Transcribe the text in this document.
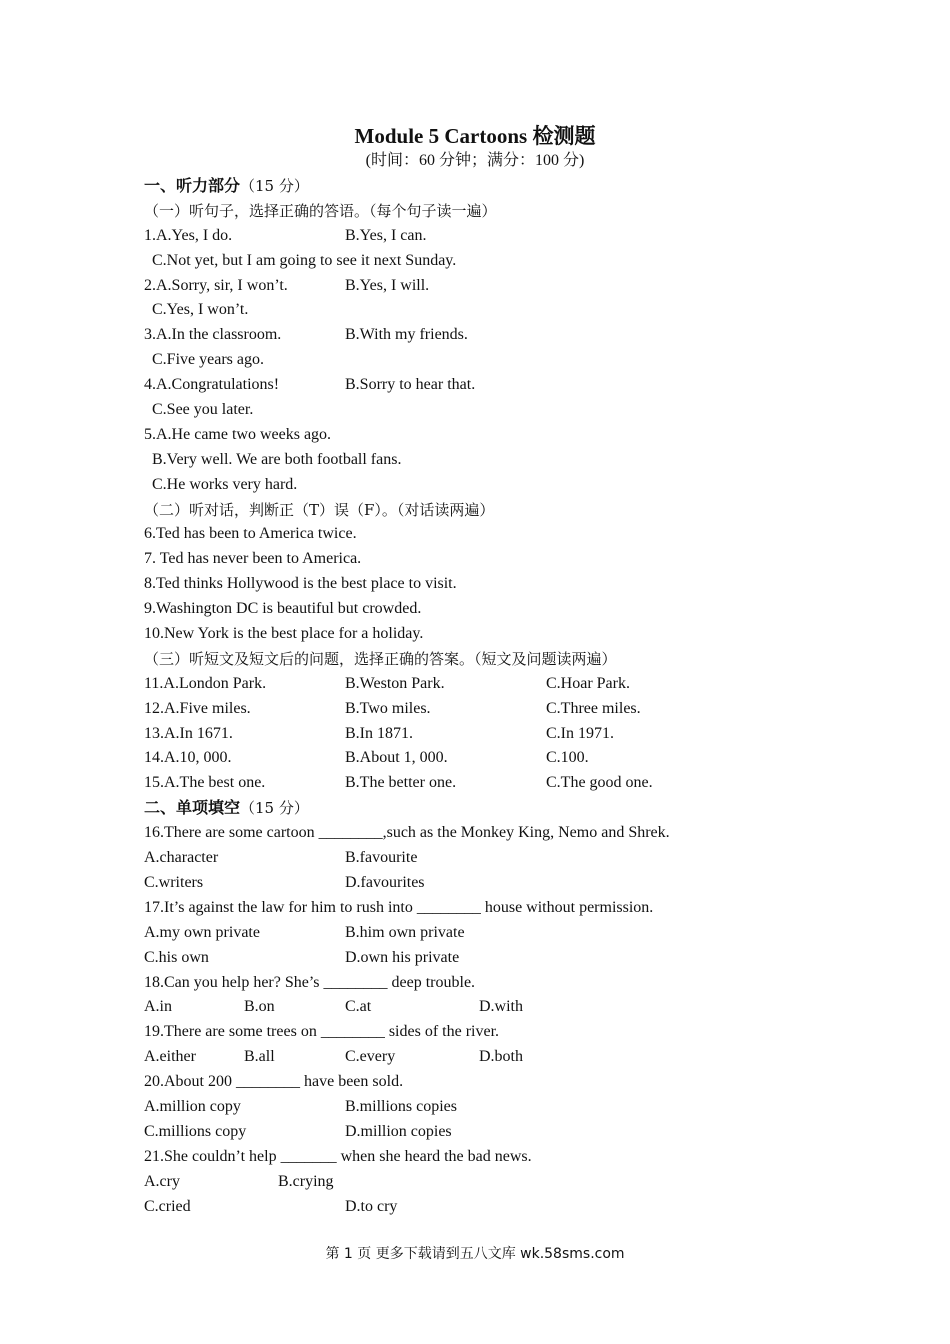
Module 5 Cartoons 检测题
(时间：60 分钟；满分：100 分)
一、听力部分（15 分）
（一）听句子，选择正确的答语。（每个句子读一遍）
1.A.Yes, I do.	B.Yes, I can.
C.Not yet, but I am going to see it next Sunday.
2.A.Sorry, sir, I won’t.	B.Yes, I will.
C.Yes, I won’t.
3.A.In the classroom.	B.With my friends.
C.Five years ago.
4.A.Congratulations!	B.Sorry to hear that.
C.See you later.
5.A.He came two weeks ago.
B.Very well. We are both football fans.
C.He works very hard.
（二）听对话，判断正（T）误（F）。（对话读两遍）
6.Ted has been to America twice.
7. Ted has never been to America.
8.Ted thinks Hollywood is the best place to visit.
9.Washington DC is beautiful but crowded.
10.New York is the best place for a holiday.
（三）听短文及短文后的问题，选择正确的答案。（短文及问题读两遍）
11.A.London Park.	B.Weston Park.	C.Hoar Park.
12.A.Five miles.	B.Two miles.	C.Three miles.
13.A.In 1671.	B.In 1871.	C.In 1971.
14.A.10, 000.	B.About 1, 000.	C.100.
15.A.The best one.	B.The better one.	C.The good one.
二、单项填空（15 分）
16.There are some cartoon ________,such as the Monkey King, Nemo and Shrek.
A.character	B.favourite
C.writers	D.favourites
17.It’s against the law for him to rush into ________ house without permission.
A.my own private	B.him own private
C.his own	D.own his private
18.Can you help her? She’s ________ deep trouble.
A.in	B.on	C.at	D.with
19.There are some trees on ________ sides of the river.
A.either	B.all	C.every	D.both
20.About 200 ________ have been sold.
A.million copy	B.millions copies
C.millions copy	D.million copies
21.She couldn’t help _______ when she heard the bad news.
A.cry	B.crying
C.cried	D.to cry
第 1 页 更多下载请到五八文库 wk.58sms.com
